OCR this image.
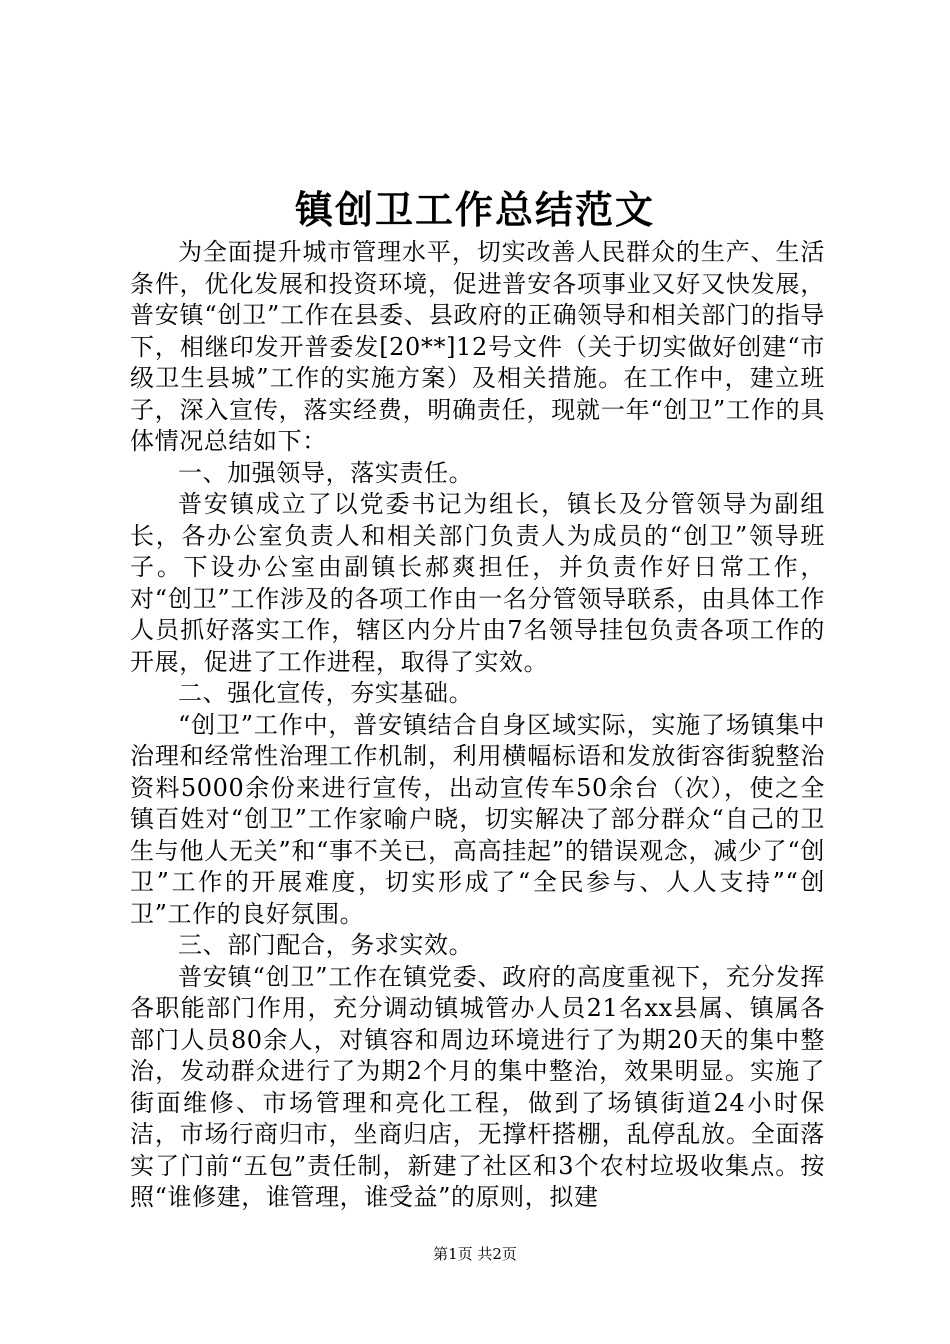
镇创卫工作总结范文

为全面提升城市管理水平，切实改善人民群众的生产、生活条件，优化发展和投资环境，促进普安各项事业又好又快发展，普安镇“创卫”工作在县委、县政府的正确领导和相关部门的指导下，相继印发开普委发[20**]12号文件（关于切实做好创建“市级卫生县城”工作的实施方案）及相关措施。在工作中，建立班子，深入宣传，落实经费，明确责任，现就一年“创卫”工作的具体情况总结如下：

一、加强领导，落实责任。

普安镇成立了以党委书记为组长，镇长及分管领导为副组长，各办公室负责人和相关部门负责人为成员的“创卫”领导班子。下设办公室由副镇长郝爽担任，并负责作好日常工作，对“创卫”工作涉及的各项工作由一名分管领导联系，由具体工作人员抓好落实工作，辖区内分片由7名领导挂包负责各项工作的开展，促进了工作进程，取得了实效。

二、强化宣传，夯实基础。

“创卫”工作中，普安镇结合自身区域实际，实施了场镇集中治理和经常性治理工作机制，利用横幅标语和发放街容街貌整治资料5000余份来进行宣传，出动宣传车50余台（次），使之全镇百姓对“创卫”工作家喻户晓，切实解决了部分群众“自己的卫生与他人无关”和“事不关已，高高挂起”的错误观念，减少了“创卫”工作的开展难度，切实形成了“全民参与、人人支持”“创卫”工作的良好氛围。

三、部门配合，务求实效。

普安镇“创卫”工作在镇党委、政府的高度重视下，充分发挥各职能部门作用，充分调动镇城管办人员21名xx县属、镇属各部门人员80余人，对镇容和周边环境进行了为期20天的集中整治，发动群众进行了为期2个月的集中整治，效果明显。实施了街面维修、市场管理和亮化工程，做到了场镇街道24小时保洁，市场行商归市，坐商归店，无撑杆搭棚，乱停乱放。全面落实了门前“五包”责任制，新建了社区和3个农村垃圾收集点。按照“谁修建，谁管理，谁受益”的原则，拟建

第1页 共2页
